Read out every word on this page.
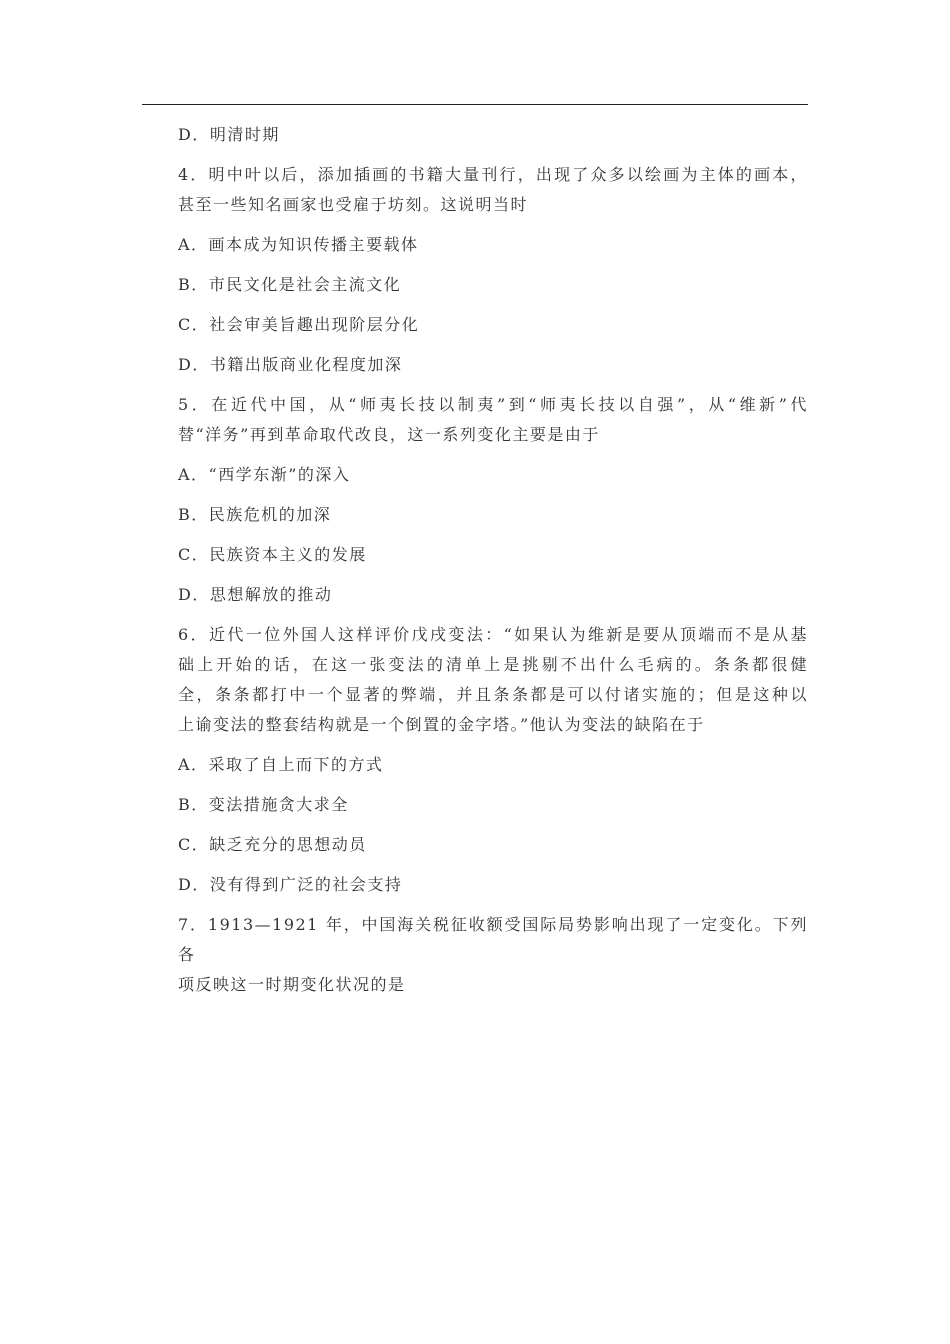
D．明清时期

4．明中叶以后，添加插画的书籍大量刊行，出现了众多以绘画为主体的画本，

甚至一些知名画家也受雇于坊刻。这说明当时

A．画本成为知识传播主要载体

B．市民文化是社会主流文化

C．社会审美旨趣出现阶层分化

D．书籍出版商业化程度加深

5．在近代中国，从“师夷长技以制夷”到“师夷长技以自强”，从“维新”代

替“洋务”再到革命取代改良，这一系列变化主要是由于

A．“西学东渐”的深入

B．民族危机的加深

C．民族资本主义的发展

D．思想解放的推动

6．近代一位外国人这样评价戊戌变法：“如果认为维新是要从顶端而不是从基

础上开始的话，在这一张变法的清单上是挑剔不出什么毛病的。条条都很健

全，条条都打中一个显著的弊端，并且条条都是可以付诸实施的；但是这种以

上谕变法的整套结构就是一个倒置的金字塔。”他认为变法的缺陷在于

A．采取了自上而下的方式

B．变法措施贪大求全

C．缺乏充分的思想动员

D．没有得到广泛的社会支持

7．1913—1921 年，中国海关税征收额受国际局势影响出现了一定变化。下列各

项反映这一时期变化状况的是
